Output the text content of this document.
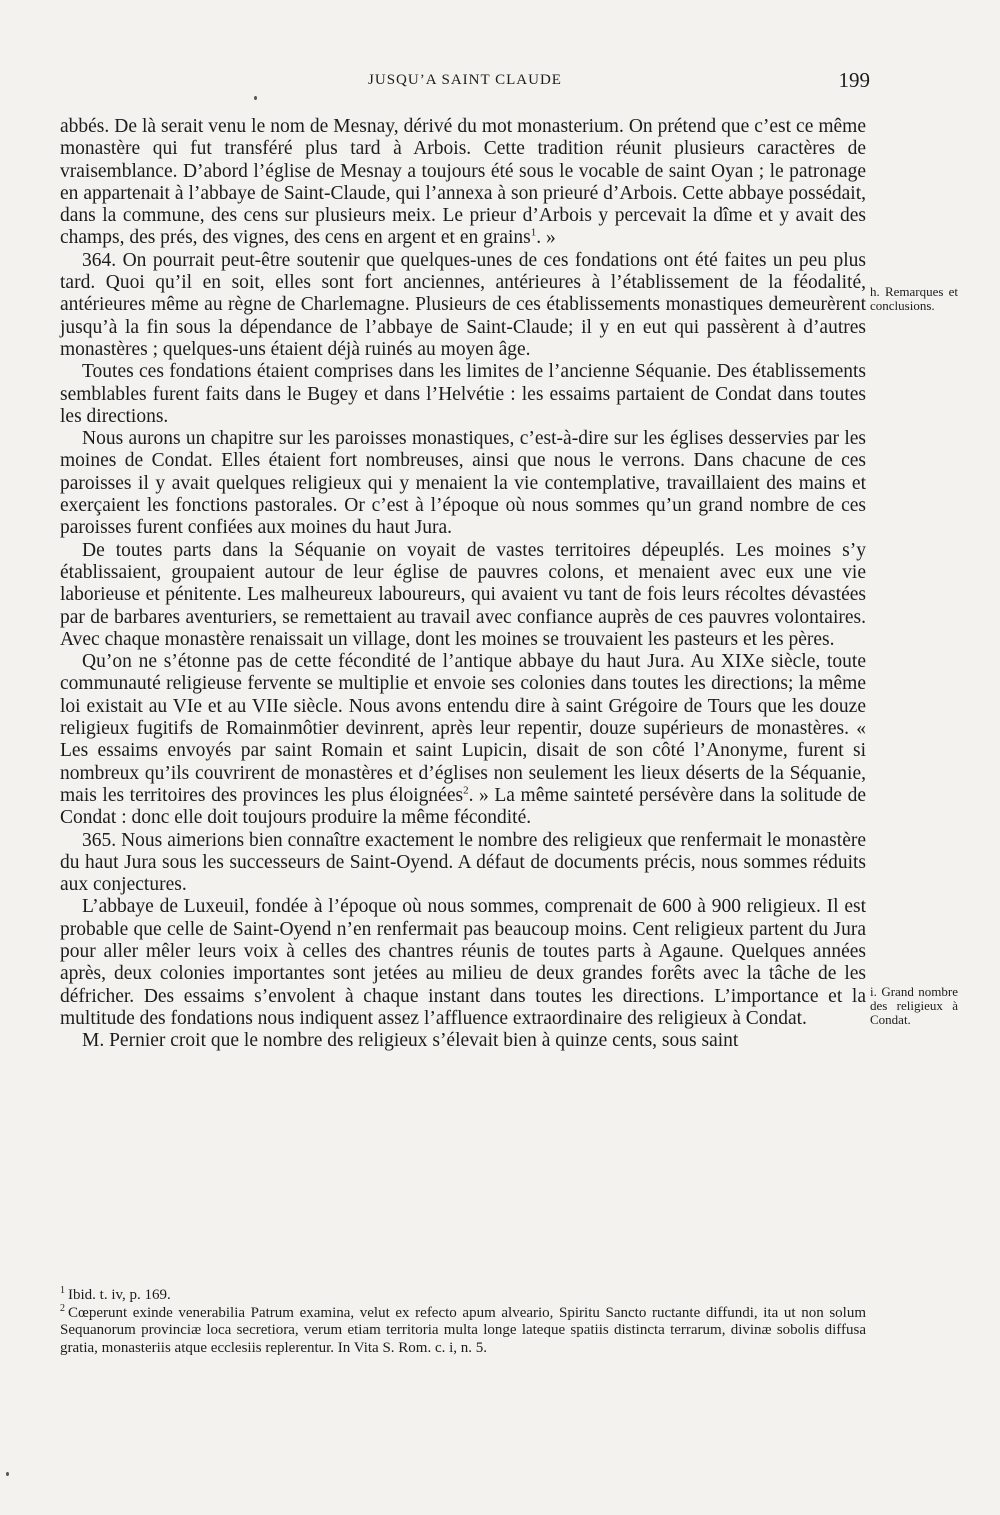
JUSQU’A SAINT CLAUDE	199

abbés. De là serait venu le nom de Mesnay, dérivé du mot monasterium. On prétend que c’est ce même monastère qui fut transféré plus tard à Arbois. Cette tradition réunit plusieurs caractères de vraisemblance. D’abord l’église de Mesnay a toujours été sous le vocable de saint Oyan ; le patronage en appartenait à l’abbaye de Saint-Claude, qui l’annexa à son prieuré d’Arbois. Cette abbaye possédait, dans la commune, des cens sur plusieurs meix. Le prieur d’Arbois y percevait la dîme et y avait des champs, des prés, des vignes, des cens en argent et en grains$^1$. »

364. On pourrait peut-être soutenir que quelques-unes de ces fondations ont été faites un peu plus tard. Quoi qu’il en soit, elles sont fort anciennes, antérieures à l’établissement de la féodalité, antérieures même au règne de Charlemagne. Plusieurs de ces établissements monastiques demeurèrent jusqu’à la fin sous la dépendance de l’abbaye de Saint-Claude; il y en eut qui passèrent à d’autres monastères ; quelques-uns étaient déjà ruinés au moyen âge.

Toutes ces fondations étaient comprises dans les limites de l’ancienne Séquanie. Des établissements semblables furent faits dans le Bugey et dans l’Helvétie : les essaims partaient de Condat dans toutes les directions.

Nous aurons un chapitre sur les paroisses monastiques, c’est-à-dire sur les églises desservies par les moines de Condat. Elles étaient fort nombreuses, ainsi que nous le verrons. Dans chacune de ces paroisses il y avait quelques religieux qui y menaient la vie contemplative, travaillaient des mains et exerçaient les fonctions pastorales. Or c’est à l’époque où nous sommes qu’un grand nombre de ces paroisses furent confiées aux moines du haut Jura.

De toutes parts dans la Séquanie on voyait de vastes territoires dépeuplés. Les moines s’y établissaient, groupaient autour de leur église de pauvres colons, et menaient avec eux une vie laborieuse et pénitente. Les malheureux laboureurs, qui avaient vu tant de fois leurs récoltes dévastées par de barbares aventuriers, se remettaient au travail avec confiance auprès de ces pauvres volontaires. Avec chaque monastère renaissait un village, dont les moines se trouvaient les pasteurs et les pères.

Qu’on ne s’étonne pas de cette fécondité de l’antique abbaye du haut Jura. Au XIXe siècle, toute communauté religieuse fervente se multiplie et envoie ses colonies dans toutes les directions; la même loi existait au VIe et au VIIe siècle. Nous avons entendu dire à saint Grégoire de Tours que les douze religieux fugitifs de Romainmôtier devinrent, après leur repentir, douze supérieurs de monastères. « Les essaims envoyés par saint Romain et saint Lupicin, disait de son côté l’Anonyme, furent si nombreux qu’ils couvrirent de monastères et d’églises non seulement les lieux déserts de la Séquanie, mais les territoires des provinces les plus éloignées$^2$. » La même sainteté persévère dans la solitude de Condat : donc elle doit toujours produire la même fécondité.

365. Nous aimerions bien connaître exactement le nombre des religieux que renfermait le monastère du haut Jura sous les successeurs de Saint-Oyend. A défaut de documents précis, nous sommes réduits aux conjectures.

L’abbaye de Luxeuil, fondée à l’époque où nous sommes, comprenait de 600 à 900 religieux. Il est probable que celle de Saint-Oyend n’en renfermait pas beaucoup moins. Cent religieux partent du Jura pour aller mêler leurs voix à celles des chantres réunis de toutes parts à Agaune. Quelques années après, deux colonies importantes sont jetées au milieu de deux grandes forêts avec la tâche de les défricher. Des essaims s’envolent à chaque instant dans toutes les directions. L’importance et la multitude des fondations nous indiquent assez l’affluence extraordinaire des religieux à Condat.

M. Pernier croit que le nombre des religieux s’élevait bien à quinze cents, sous saint

h. Remarques et conclusions.
i. Grand nombre des religieux à Condat.

$^1$ Ibid. t. iv, p. 169.

$^2$ Cœperunt exinde venerabilia Patrum examina, velut ex refecto apum alveario, Spiritu Sancto ructante diffundi, ita ut non solum Sequanorum provinciæ loca secretiora, verum etiam territoria multa longe lateque spatiis distincta terrarum, divinæ sobolis diffusa gratia, monasteriis atque ecclesiis replerentur. In Vita S. Rom. c. i, n. 5.
